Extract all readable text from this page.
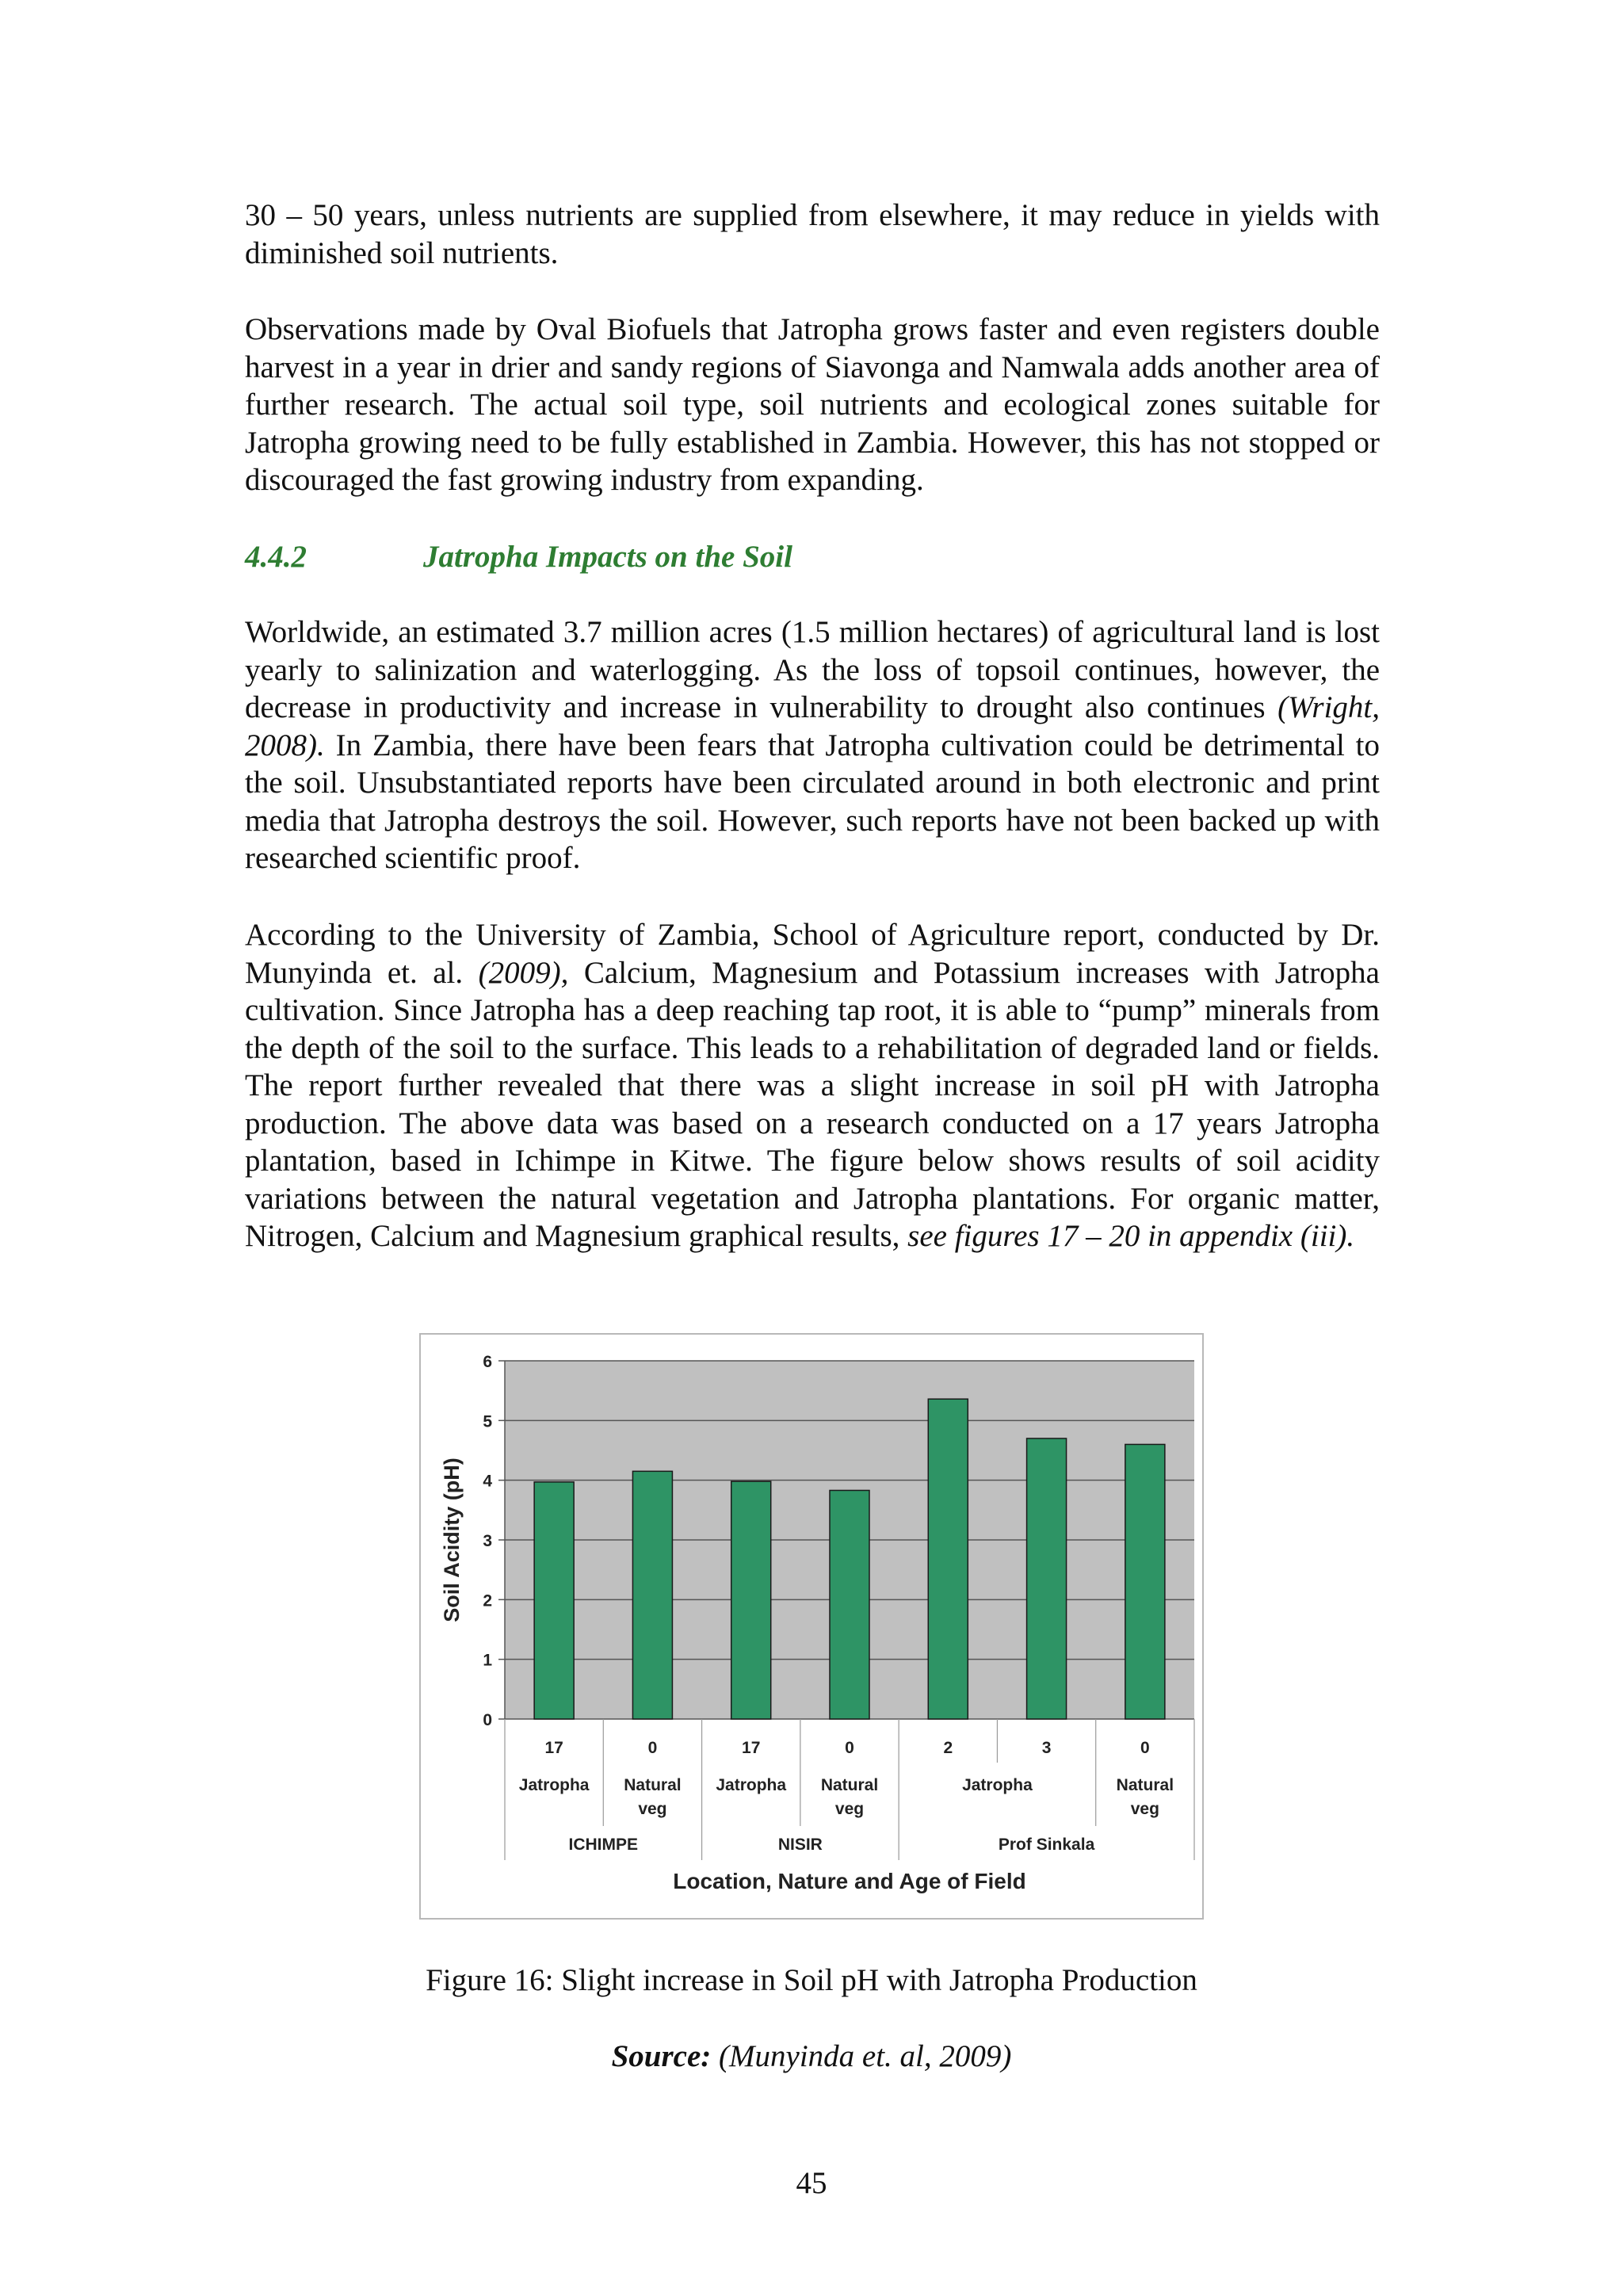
30 – 50 years, unless nutrients are supplied from elsewhere, it may reduce in yields with diminished soil nutrients.

Observations made by Oval Biofuels that Jatropha grows faster and even registers double harvest in a year in drier and sandy regions of Siavonga and Namwala adds another area of further research. The actual soil type, soil nutrients and ecological zones suitable for Jatropha growing need to be fully established in Zambia. However, this has not stopped or discouraged the fast growing industry from expanding.

4.4.2	Jatropha Impacts on the Soil

Worldwide, an estimated 3.7 million acres (1.5 million hectares) of agricultural land is lost yearly to salinization and waterlogging. As the loss of topsoil continues, however, the decrease in productivity and increase in vulnerability to drought also continues (Wright, 2008). In Zambia, there have been fears that Jatropha cultivation could be detrimental to the soil. Unsubstantiated reports have been circulated around in both electronic and print media that Jatropha destroys the soil. However, such reports have not been backed up with researched scientific proof.

According to the University of Zambia, School of Agriculture report, conducted by Dr. Munyinda et. al. (2009), Calcium, Magnesium and Potassium increases with Jatropha cultivation. Since Jatropha has a deep reaching tap root, it is able to “pump” minerals from the depth of the soil to the surface. This leads to a rehabilitation of degraded land or fields. The report further revealed that there was a slight increase in soil pH with Jatropha production. The above data was based on a research conducted on a 17 years Jatropha plantation, based in Ichimpe in Kitwe. The figure below shows results of soil acidity variations between the natural vegetation and Jatropha plantations. For organic matter, Nitrogen, Calcium and Magnesium graphical results, see figures 17 – 20 in appendix (iii).

0
1
2
3
4
5
6
17	0	17	0	2	3	0
Jatropha Natural
veg
Jatropha Natural
veg
Jatropha	Natural
veg
ICHIMPE	NISIR	Prof Sinkala
Soil Acidity (pH)
Location, Nature and Age of Field

Figure 16: Slight increase in Soil pH with Jatropha Production

Source: (Munyinda et. al, 2009)

45
